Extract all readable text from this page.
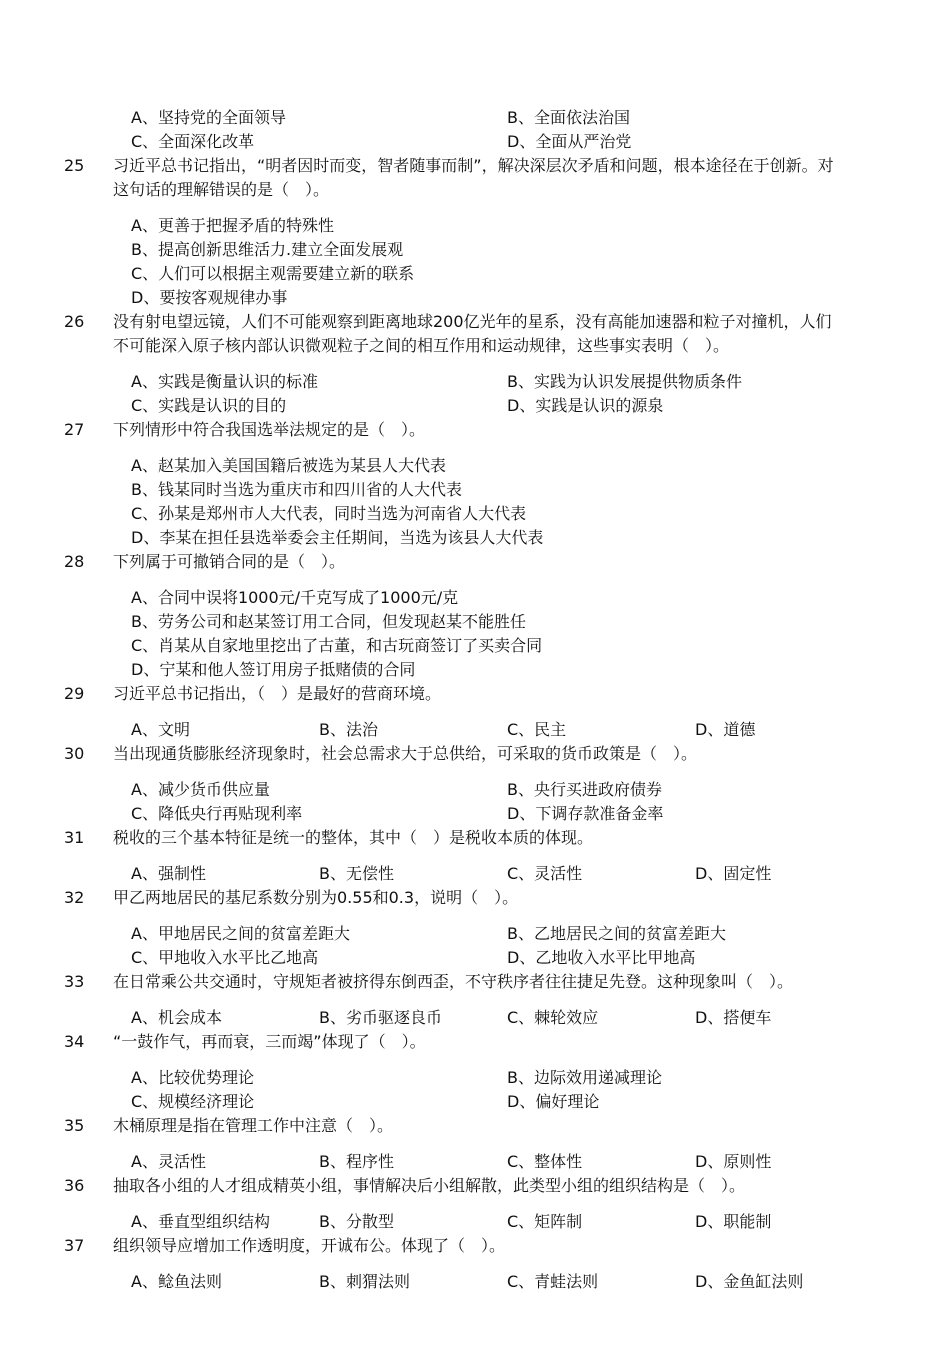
A、坚持党的全面领导	B、全面依法治国
C、全面深化改革	D、全面从严治党
25	习近平总书记指出，“明者因时而变，智者随事而制”，解决深层次矛盾和问题，根本途径在于创新。对
这句话的理解错误的是（　）。
A、更善于把握矛盾的特殊性
B、提高创新思维活力.建立全面发展观
C、人们可以根据主观需要建立新的联系
D、要按客观规律办事
26	没有射电望远镜，人们不可能观察到距离地球200亿光年的星系，没有高能加速器和粒子对撞机，人们
不可能深入原子核内部认识微观粒子之间的相互作用和运动规律，这些事实表明（　）。
A、实践是衡量认识的标准	B、实践为认识发展提供物质条件
C、实践是认识的目的	D、实践是认识的源泉
27	下列情形中符合我国选举法规定的是（　）。
A、赵某加入美国国籍后被选为某县人大代表
B、钱某同时当选为重庆市和四川省的人大代表
C、孙某是郑州市人大代表，同时当选为河南省人大代表
D、李某在担任县选举委会主任期间，当选为该县人大代表
28	下列属于可撤销合同的是（　）。
A、合同中误将1000元/千克写成了1000元/克
B、劳务公司和赵某签订用工合同，但发现赵某不能胜任
C、肖某从自家地里挖出了古董，和古玩商签订了买卖合同
D、宁某和他人签订用房子抵赌债的合同
29	习近平总书记指出，（　）是最好的营商环境。
A、文明	B、法治	C、民主	D、道德
30	当出现通货膨胀经济现象时，社会总需求大于总供给，可采取的货币政策是（　）。
A、减少货币供应量	B、央行买进政府债券
C、降低央行再贴现利率	D、下调存款准备金率
31	税收的三个基本特征是统一的整体，其中（　）是税收本质的体现。
A、强制性	B、无偿性	C、灵活性	D、固定性
32	甲乙两地居民的基尼系数分别为0.55和0.3，说明（　）。
A、甲地居民之间的贫富差距大	B、乙地居民之间的贫富差距大
C、甲地收入水平比乙地高	D、乙地收入水平比甲地高
33	在日常乘公共交通时，守规矩者被挤得东倒西歪，不守秩序者往往捷足先登。这种现象叫（　）。
A、机会成本	B、劣币驱逐良币	C、棘轮效应	D、搭便车
34	“一鼓作气，再而衰，三而竭”体现了（　）。
A、比较优势理论	B、边际效用递减理论
C、规模经济理论	D、偏好理论
35	木桶原理是指在管理工作中注意（　）。
A、灵活性	B、程序性	C、整体性	D、原则性
36	抽取各小组的人才组成精英小组，事情解决后小组解散，此类型小组的组织结构是（　）。
A、垂直型组织结构	B、分散型	C、矩阵制	D、职能制
37	组织领导应增加工作透明度，开诚布公。体现了（　）。
A、鲶鱼法则	B、刺猬法则	C、青蛙法则	D、金鱼缸法则
